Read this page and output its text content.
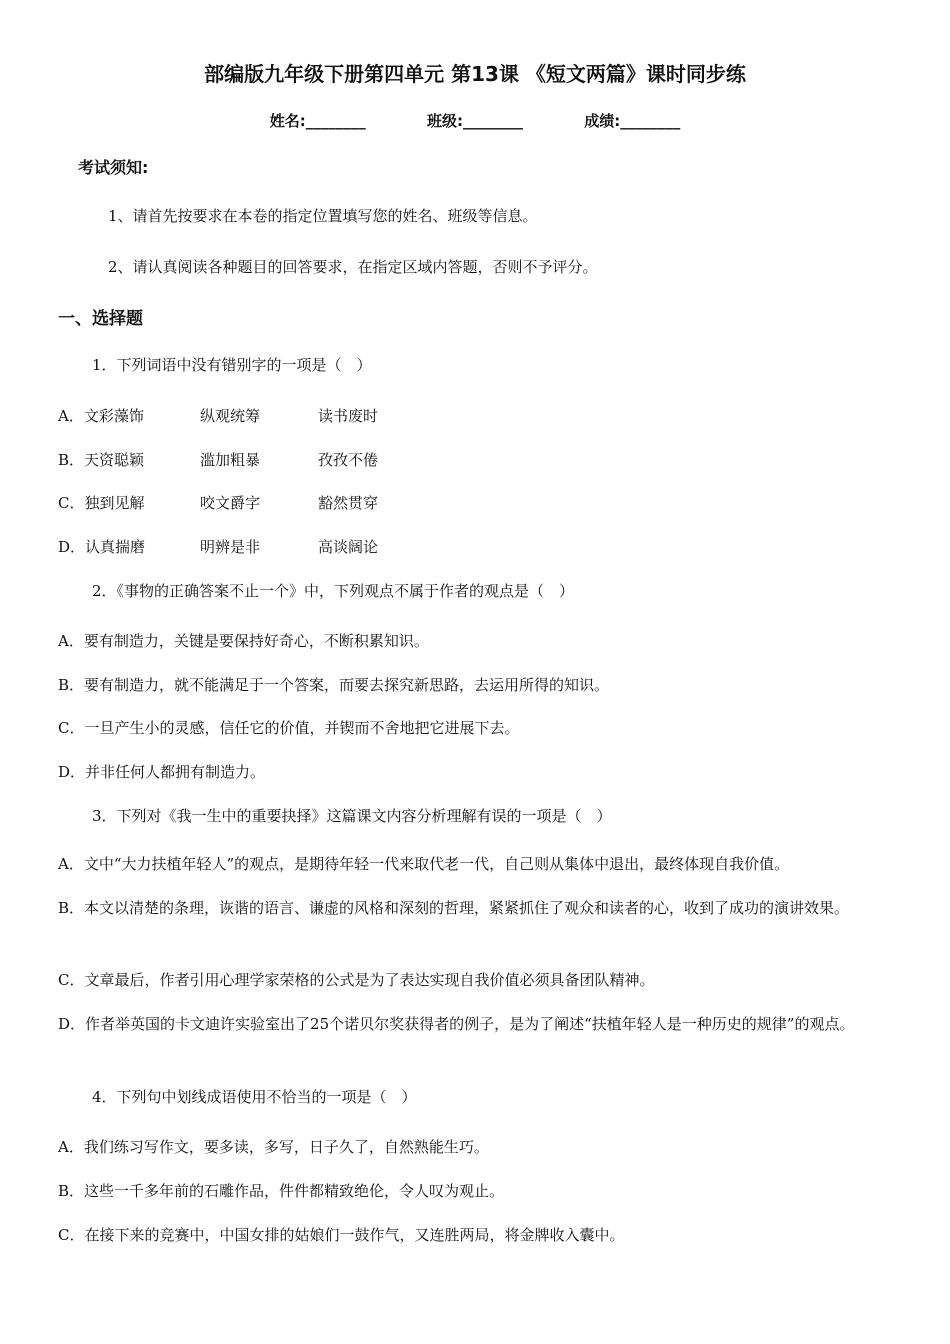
部编版九年级下册第四单元 第13课 《短文两篇》课时同步练
姓名:________	班级:________	成绩:________
考试须知:
1、请首先按要求在本卷的指定位置填写您的姓名、班级等信息。
2、请认真阅读各种题目的回答要求，在指定区域内答题，否则不予评分。
一、选择题
1．下列词语中没有错别字的一项是（　）
A．文彩藻饰	纵观统筹	读书废时
B．天资聪颖	滥加粗暴	孜孜不倦
C．独到见解	咬文爵字	豁然贯穿
D．认真揣磨	明辨是非	高谈阔论
2．《事物的正确答案不止一个》中，下列观点不属于作者的观点是（　）
A．要有制造力，关键是要保持好奇心，不断积累知识。
B．要有制造力，就不能满足于一个答案，而要去探究新思路，去运用所得的知识。
C．一旦产生小的灵感，信任它的价值，并锲而不舍地把它进展下去。
D．并非任何人都拥有制造力。
3．下列对《我一生中的重要抉择》这篇课文内容分析理解有误的一项是（　）
A．文中“大力扶植年轻人”的观点，是期待年轻一代来取代老一代，自己则从集体中退出，最终体现自我价值。
B．本文以清楚的条理，诙谐的语言、谦虚的风格和深刻的哲理，紧紧抓住了观众和读者的心，收到了成功的演讲效果。
C．文章最后，作者引用心理学家荣格的公式是为了表达实现自我价值必须具备团队精神。
D．作者举英国的卡文迪许实验室出了25个诺贝尔奖获得者的例子，是为了阐述“扶植年轻人是一种历史的规律”的观点。
4．下列句中划线成语使用不恰当的一项是（　）
A．我们练习写作文，要多读，多写，日子久了，自然熟能生巧。
B．这些一千多年前的石雕作品，件件都精致绝伦，令人叹为观止。
C．在接下来的竞赛中，中国女排的姑娘们一鼓作气，又连胜两局，将金牌收入囊中。
